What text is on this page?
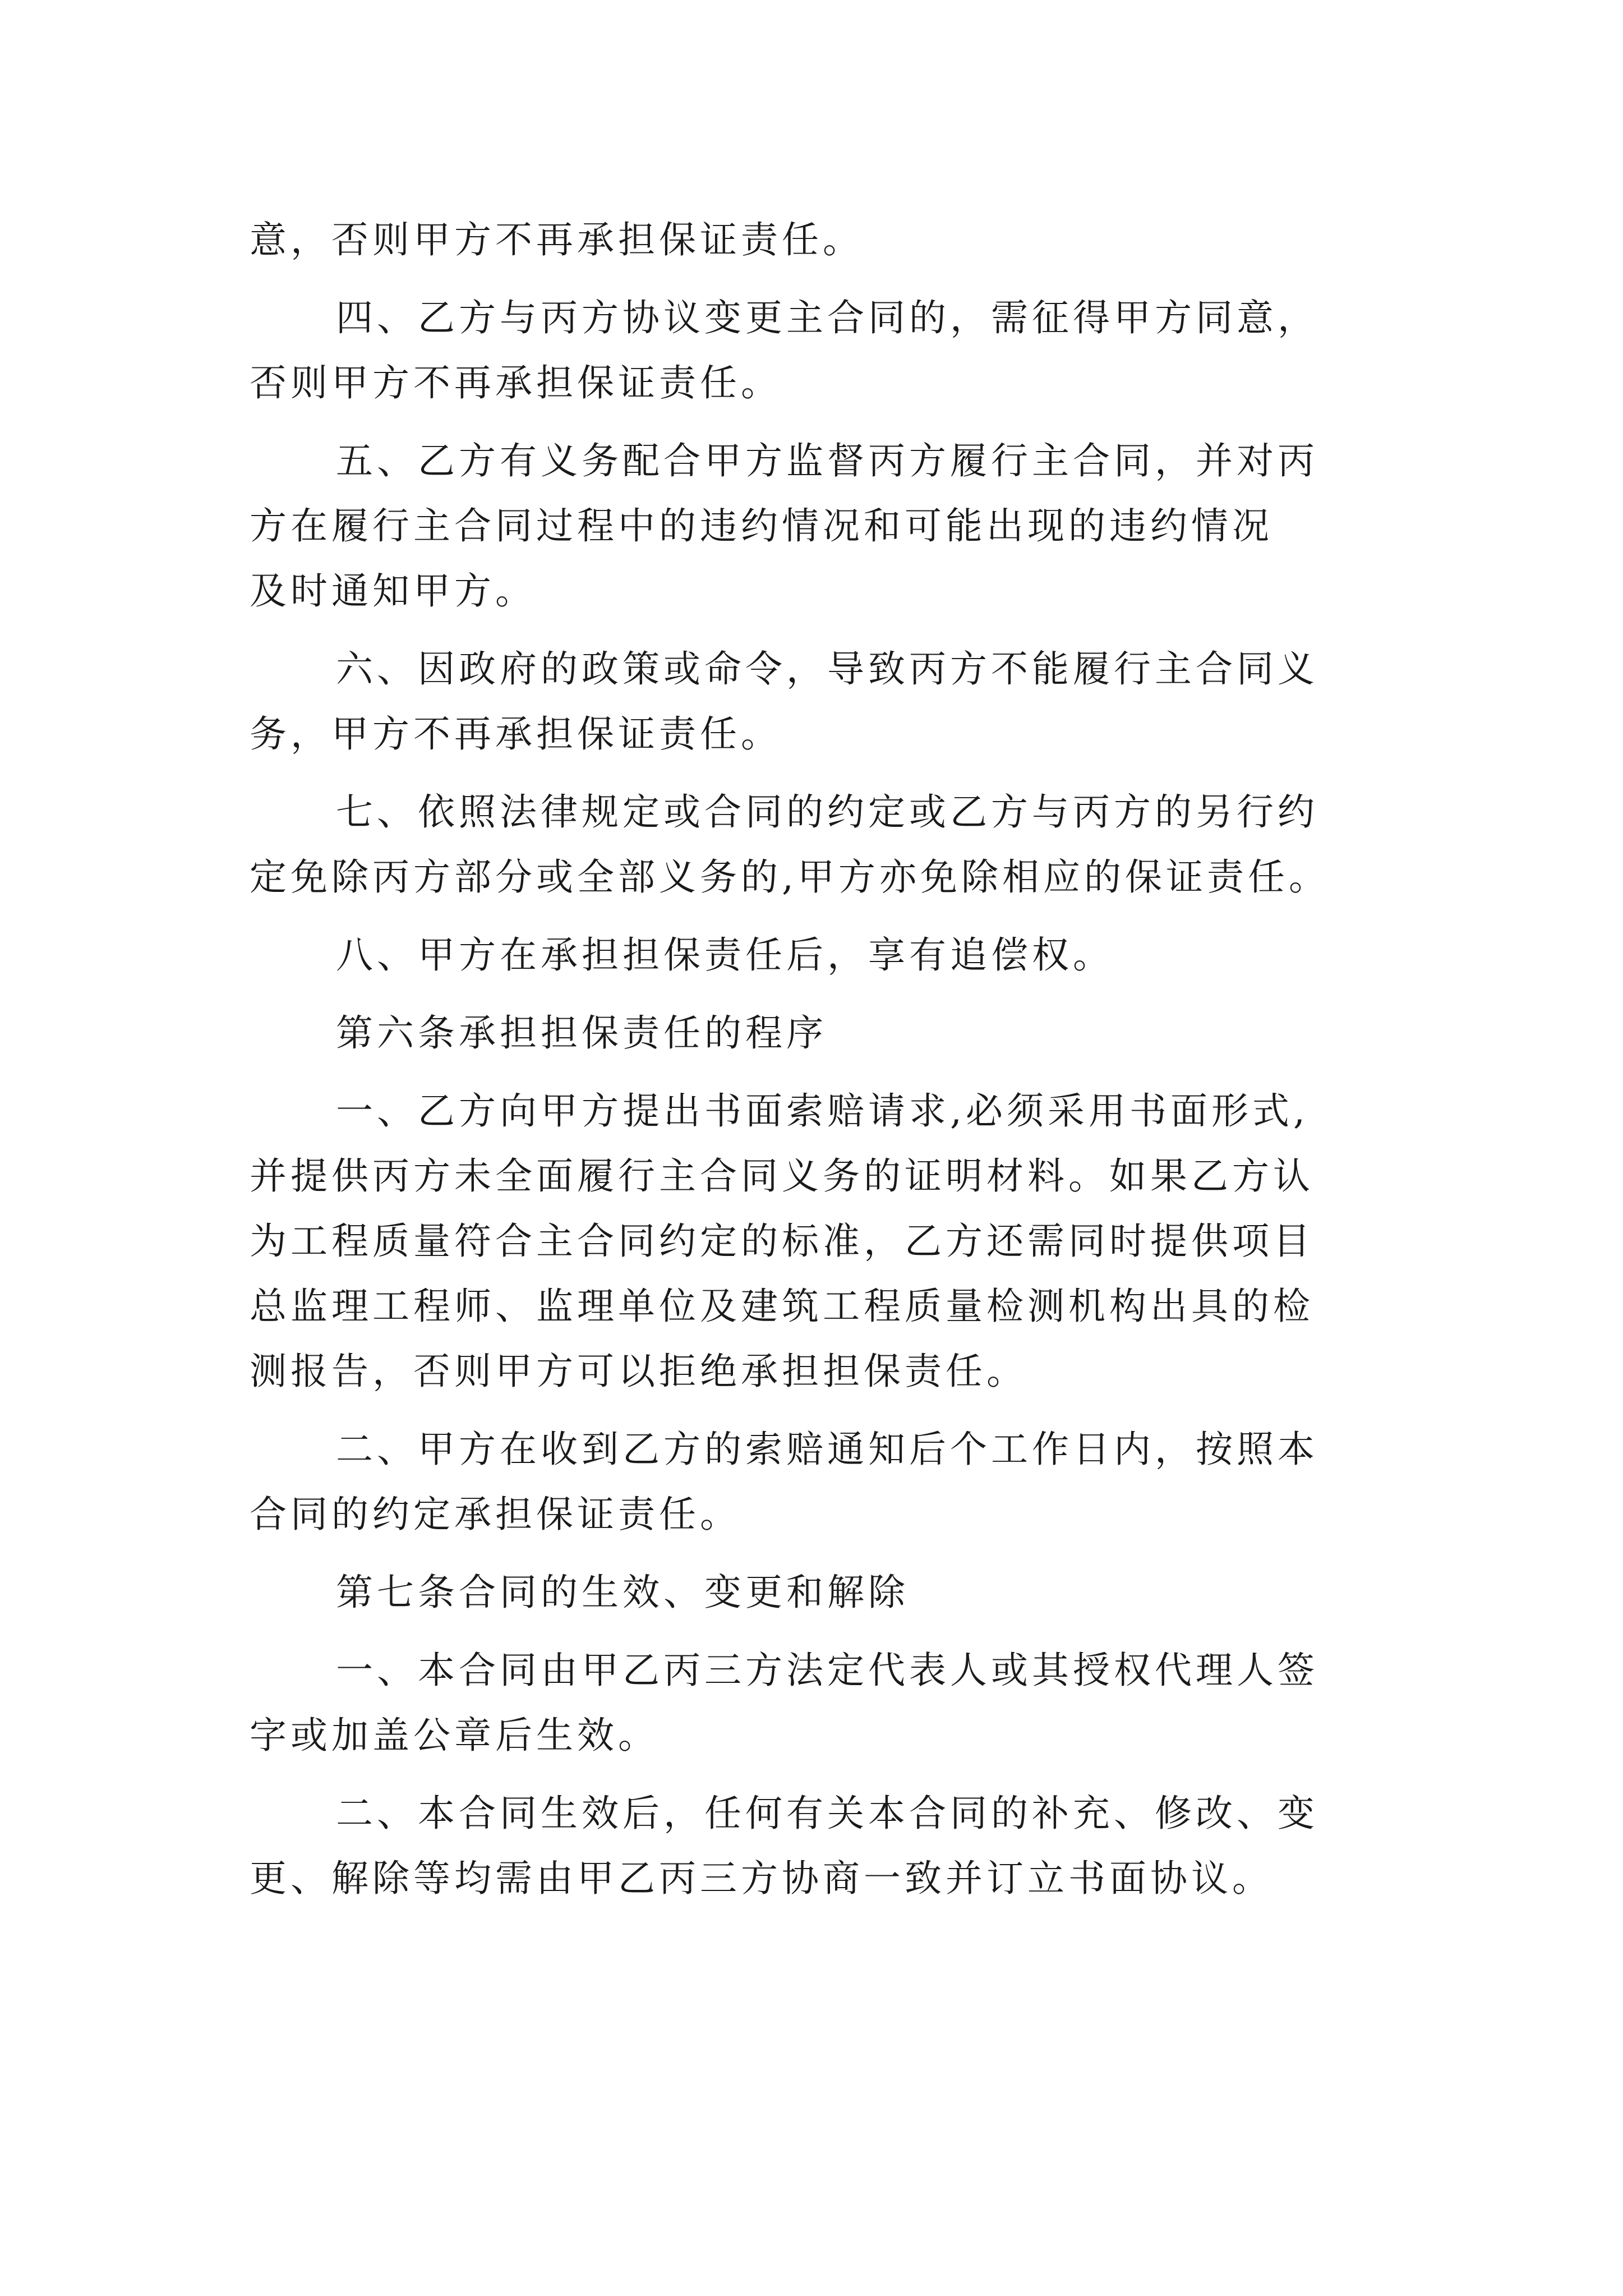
意，否则甲方不再承担保证责任。
四、乙方与丙方协议变更主合同的，需征得甲方同意，
否则甲方不再承担保证责任。
五、乙方有义务配合甲方监督丙方履行主合同，并对丙
方在履行主合同过程中的违约情况和可能出现的违约情况
及时通知甲方。
六、因政府的政策或命令，导致丙方不能履行主合同义
务，甲方不再承担保证责任。
七、依照法律规定或合同的约定或乙方与丙方的另行约
定免除丙方部分或全部义务的,甲方亦免除相应的保证责任。
八、甲方在承担担保责任后，享有追偿权。
第六条承担担保责任的程序
一、乙方向甲方提出书面索赔请求,必须采用书面形式,
并提供丙方未全面履行主合同义务的证明材料。如果乙方认
为工程质量符合主合同约定的标准，乙方还需同时提供项目
总监理工程师、监理单位及建筑工程质量检测机构出具的检
测报告，否则甲方可以拒绝承担担保责任。
二、甲方在收到乙方的索赔通知后个工作日内，按照本
合同的约定承担保证责任。
第七条合同的生效、变更和解除
一、本合同由甲乙丙三方法定代表人或其授权代理人签
字或加盖公章后生效。
二、本合同生效后，任何有关本合同的补充、修改、变
更、解除等均需由甲乙丙三方协商一致并订立书面协议。
